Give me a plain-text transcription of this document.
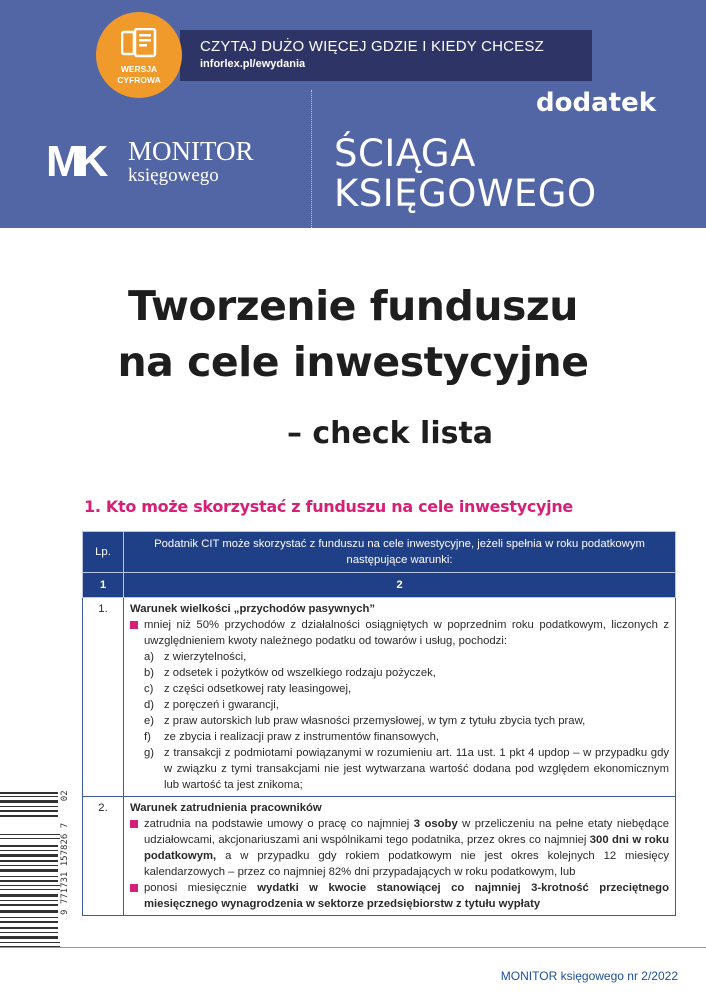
CZYTAJ DUŻO WIĘCEJ GDZIE I KIEDY CHCESZ
inforlex.pl/ewydania
WERSJA
CYFROWA
MK MONITOR
księgowego
dodatek
ŚCIĄGA
KSIĘGOWEGO
Tworzenie funduszu
na cele inwestycyjne
– check lista
1. Kto może skorzystać z funduszu na cele inwestycyjne
Lp.	Podatnik CIT może skorzystać z funduszu na cele inwestycyjne, jeżeli spełnia w roku podatkowym następujące warunki:
1	2
1.	Warunek wielkości „przychodów pasywnych”
mniej niż 50% przychodów z działalności osiągniętych w poprzednim roku podatkowym, liczonych z uwzględnieniem kwoty należnego podatku od towarów i usług, pochodzi:
a) z wierzytelności,
b) z odsetek i pożytków od wszelkiego rodzaju pożyczek,
c) z części odsetkowej raty leasingowej,
d) z poręczeń i gwarancji,
e) z praw autorskich lub praw własności przemysłowej, w tym z tytułu zbycia tych praw,
f) ze zbycia i realizacji praw z instrumentów finansowych,
g) z transakcji z podmiotami powiązanymi w rozumieniu art. 11a ust. 1 pkt 4 updop – w przypadku gdy w związku z tymi transakcjami nie jest wytwarzana wartość dodana pod względem ekonomicznym lub wartość ta jest znikoma;

2.	Warunek zatrudnienia pracowników
zatrudnia na podstawie umowy o pracę co najmniej 3 osoby w przeliczeniu na pełne etaty niebędące udziałowcami, akcjonariuszami ani wspólnikami tego podatnika, przez okres co najmniej 300 dni w roku podatkowym, a w przypadku gdy rokiem podatkowym nie jest okres kolejnych 12 miesięcy kalendarzowych – przez co najmniej 82% dni przypadających w roku podatkowym, lub
ponosi miesięcznie wydatki w kwocie stanowiącej co najmniej 3-krotność przeciętnego miesięcznego wynagrodzenia w sektorze przedsiębiorstw z tytułu wypłaty
9 771731 157826 7    02
MONITOR księgowego nr 2/2022
